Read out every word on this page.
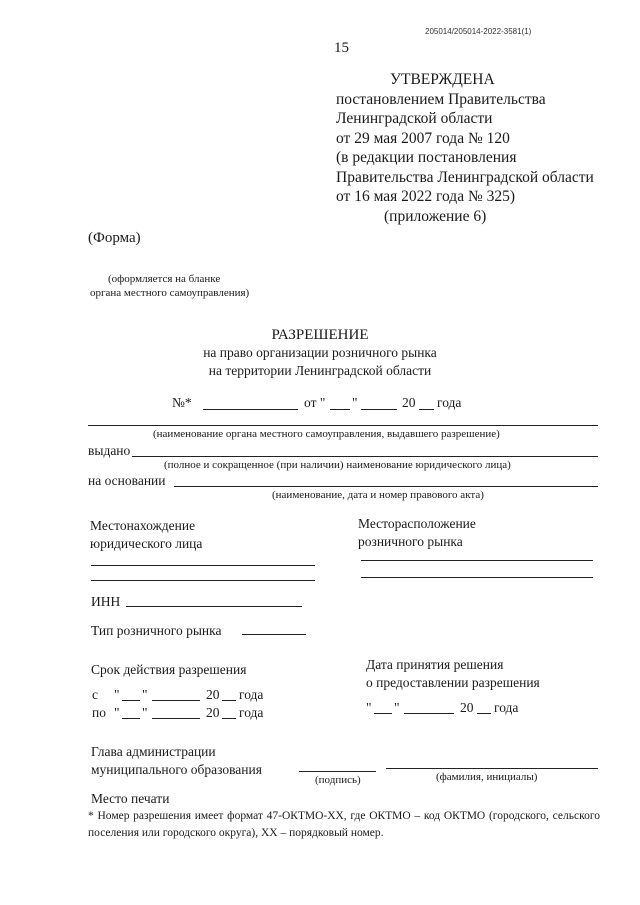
205014/205014-2022-3581(1)
15
УТВЕРЖДЕНА
постановлением Правительства
Ленинградской области
от 29 мая 2007 года № 120
(в редакции постановления
Правительства Ленинградской области
от 16 мая 2022 года № 325)
(приложение 6)
(Форма)
(оформляется на бланке
органа местного самоуправления)
РАЗРЕШЕНИЕ
на право организации розничного рынка
на территории Ленинградской области
№*	от " "	20 года
(наименование органа местного самоуправления, выдавшего разрешение)
выдано
(полное и сокращенное (при наличии) наименование юридического лица)
на основании
(наименование, дата и номер правового акта)
Местонахождение
юридического лица
Месторасположение
розничного рынка
ИНН
Тип розничного рынка
Срок действия разрешения
с " "	20 года
по " "	20 года
Дата принятия решения
о предоставлении разрешения
" "	20 года
Глава администрации
муниципального образования
(подпись)	(фамилия, инициалы)
Место печати
* Номер разрешения имеет формат 47-ОКТМО-ХХ, где ОКТМО – код ОКТМО (городского, сельского поселения или городского округа), ХХ – порядковый номер.
